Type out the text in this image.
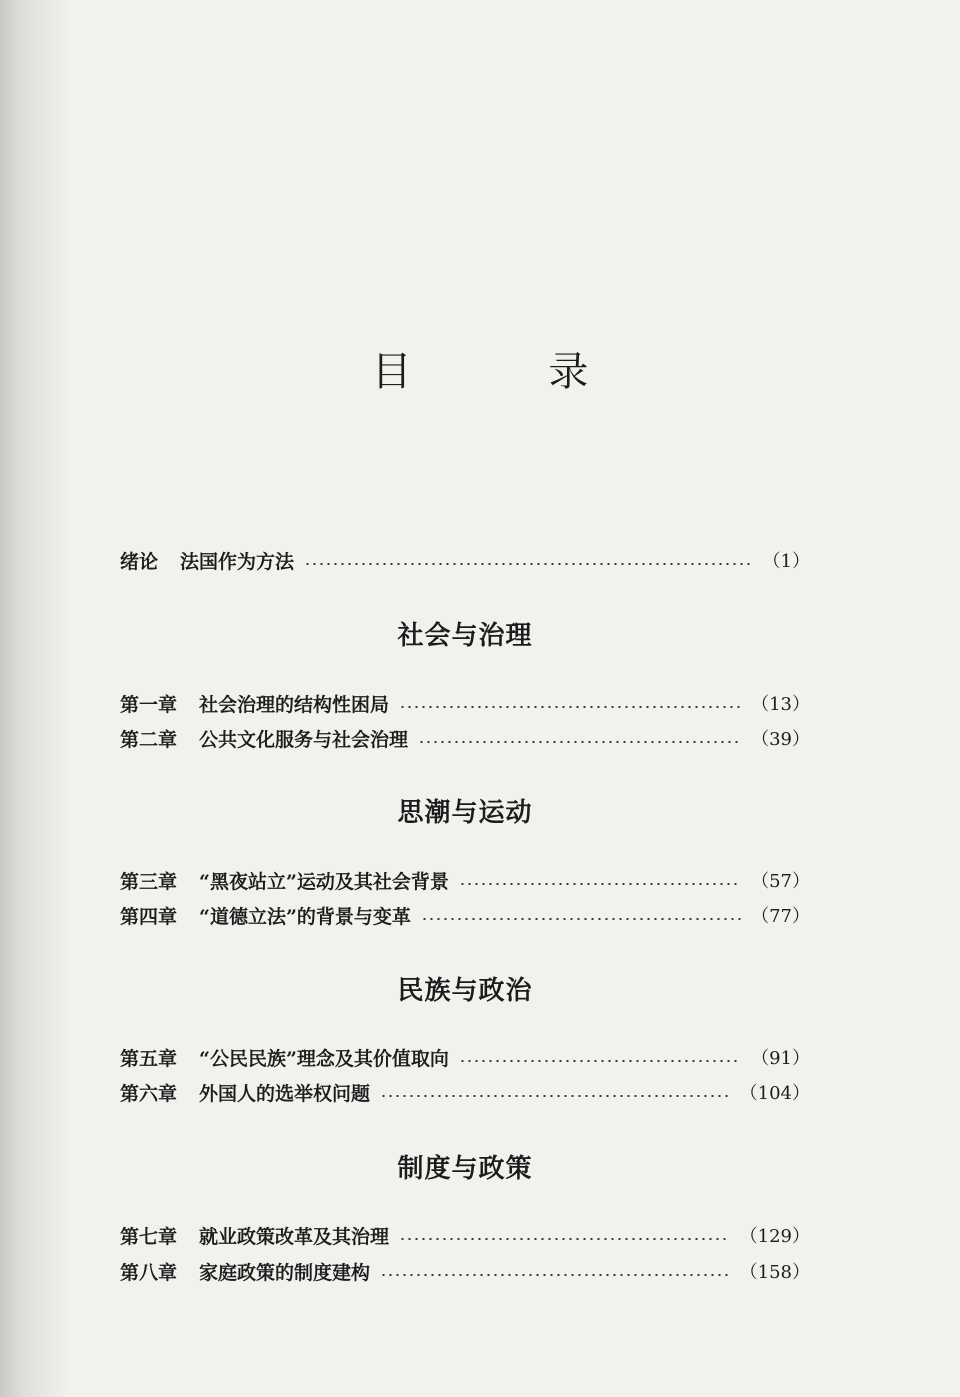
目 录
绪论 法国作为方法	（1）
社会与治理
第一章 社会治理的结构性困局	（13）
第二章 公共文化服务与社会治理	（39）
思潮与运动
第三章 “黑夜站立”运动及其社会背景	（57）
第四章 “道德立法”的背景与变革	（77）
民族与政治
第五章 “公民民族”理念及其价值取向	（91）
第六章 外国人的选举权问题	（104）
制度与政策
第七章 就业政策改革及其治理	（129）
第八章 家庭政策的制度建构	（158）
